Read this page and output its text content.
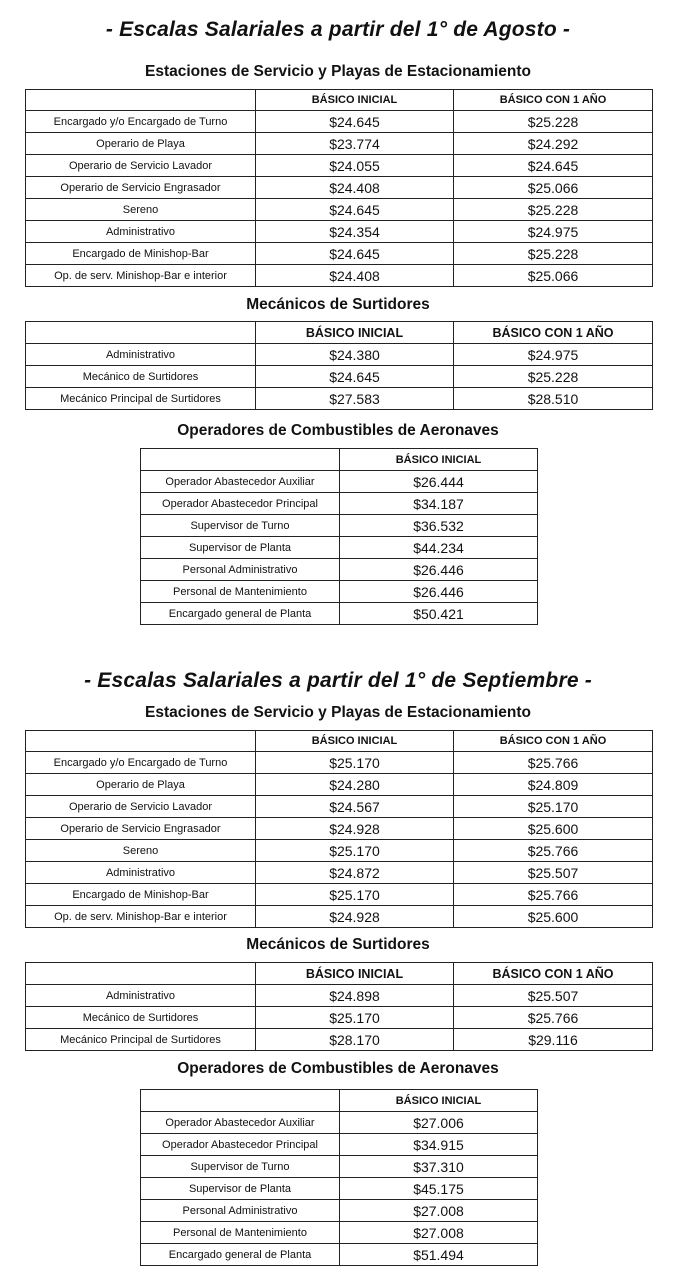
- Escalas Salariales a partir del 1° de Agosto -
Estaciones de Servicio y Playas de Estacionamiento
	BÁSICO INICIAL	BÁSICO CON 1 AÑO
Encargado y/o Encargado de Turno	$24.645	$25.228
Operario de Playa	$23.774	$24.292
Operario de Servicio Lavador	$24.055	$24.645
Operario de Servicio Engrasador	$24.408	$25.066
Sereno	$24.645	$25.228
Administrativo	$24.354	$24.975
Encargado de Minishop-Bar	$24.645	$25.228
Op. de serv. Minishop-Bar e interior	$24.408	$25.066
Mecánicos de Surtidores
	BÁSICO INICIAL	BÁSICO CON 1 AÑO
Administrativo	$24.380	$24.975
Mecánico de Surtidores	$24.645	$25.228
Mecánico Principal de Surtidores	$27.583	$28.510
Operadores de Combustibles de Aeronaves
	BÁSICO INICIAL
Operador Abastecedor Auxiliar	$26.444
Operador Abastecedor Principal	$34.187
Supervisor de Turno	$36.532
Supervisor de Planta	$44.234
Personal Administrativo	$26.446
Personal de Mantenimiento	$26.446
Encargado general de Planta	$50.421
- Escalas Salariales a partir del 1° de Septiembre -
Estaciones de Servicio y Playas de Estacionamiento
	BÁSICO INICIAL	BÁSICO CON 1 AÑO
Encargado y/o Encargado de Turno	$25.170	$25.766
Operario de Playa	$24.280	$24.809
Operario de Servicio Lavador	$24.567	$25.170
Operario de Servicio Engrasador	$24.928	$25.600
Sereno	$25.170	$25.766
Administrativo	$24.872	$25.507
Encargado de Minishop-Bar	$25.170	$25.766
Op. de serv. Minishop-Bar e interior	$24.928	$25.600
Mecánicos de Surtidores
	BÁSICO INICIAL	BÁSICO CON 1 AÑO
Administrativo	$24.898	$25.507
Mecánico de Surtidores	$25.170	$25.766
Mecánico Principal de Surtidores	$28.170	$29.116
Operadores de Combustibles de Aeronaves
	BÁSICO INICIAL
Operador Abastecedor Auxiliar	$27.006
Operador Abastecedor Principal	$34.915
Supervisor de Turno	$37.310
Supervisor de Planta	$45.175
Personal Administrativo	$27.008
Personal de Mantenimiento	$27.008
Encargado general de Planta	$51.494
